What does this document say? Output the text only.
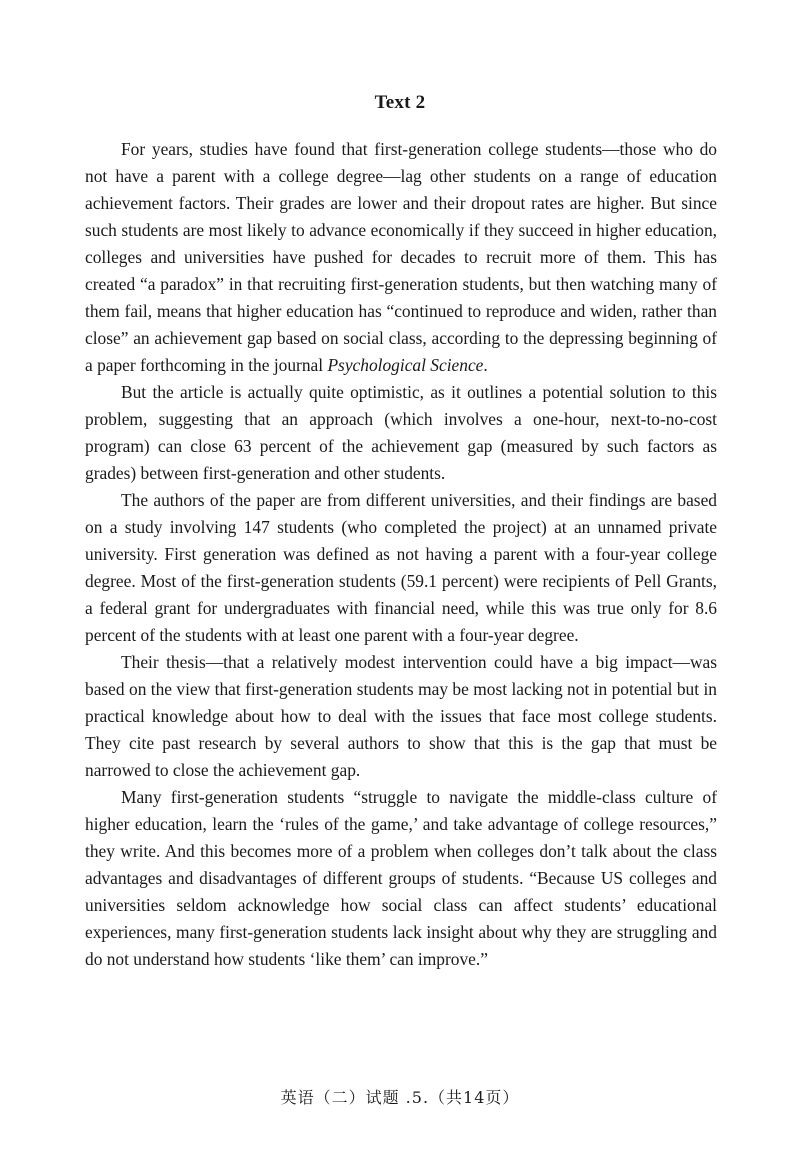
Text 2

For years, studies have found that first-generation college students—those who do not have a parent with a college degree—lag other students on a range of education achievement factors. Their grades are lower and their dropout rates are higher. But since such students are most likely to advance economically if they succeed in higher education, colleges and universities have pushed for decades to recruit more of them. This has created “a paradox” in that recruiting first-generation students, but then watching many of them fail, means that higher education has “continued to reproduce and widen, rather than close” an achievement gap based on social class, according to the depressing beginning of a paper forthcoming in the journal Psychological Science.

But the article is actually quite optimistic, as it outlines a potential solution to this problem, suggesting that an approach (which involves a one-hour, next-to-no-cost program) can close 63 percent of the achievement gap (measured by such factors as grades) between first-generation and other students.

The authors of the paper are from different universities, and their findings are based on a study involving 147 students (who completed the project) at an unnamed private university. First generation was defined as not having a parent with a four-year college degree. Most of the first-generation students (59.1 percent) were recipients of Pell Grants, a federal grant for undergraduates with financial need, while this was true only for 8.6 percent of the students with at least one parent with a four-year degree.

Their thesis—that a relatively modest intervention could have a big impact—was based on the view that first-generation students may be most lacking not in potential but in practical knowledge about how to deal with the issues that face most college students. They cite past research by several authors to show that this is the gap that must be narrowed to close the achievement gap.

Many first-generation students “struggle to navigate the middle-class culture of higher education, learn the ‘rules of the game,’ and take advantage of college resources,” they write. And this becomes more of a problem when colleges don’t talk about the class advantages and disadvantages of different groups of students. “Because US colleges and universities seldom acknowledge how social class can affect students’ educational experiences, many first-generation students lack insight about why they are struggling and do not understand how students ‘like them’ can improve.”

英语（二）试题 .5.（共14页）
